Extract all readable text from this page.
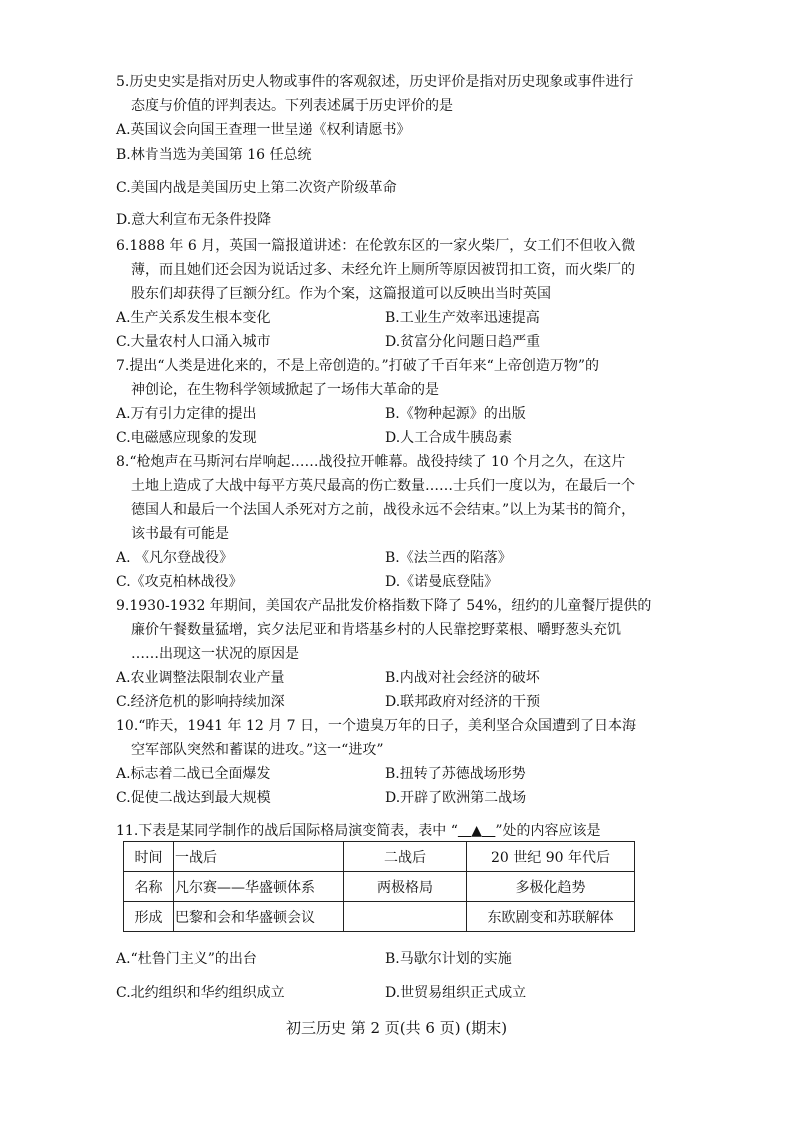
5.历史史实是指对历史人物或事件的客观叙述，历史评价是指对历史现象或事件进行
态度与价值的评判表达。下列表述属于历史评价的是
A.英国议会向国王查理一世呈递《权利请愿书》
B.林肯当选为美国第 16 任总统
C.美国内战是美国历史上第二次资产阶级革命
D.意大利宣布无条件投降
6.1888 年 6 月，英国一篇报道讲述：在伦敦东区的一家火柴厂，女工们不但收入微
薄，而且她们还会因为说话过多、未经允许上厕所等原因被罚扣工资，而火柴厂的
股东们却获得了巨额分红。作为个案，这篇报道可以反映出当时英国
A.生产关系发生根本变化	B.工业生产效率迅速提高
C.大量农村人口涌入城市	D.贫富分化问题日趋严重
7.提出“人类是进化来的，不是上帝创造的。”打破了千百年来“上帝创造万物”的
神创论，在生物科学领域掀起了一场伟大革命的是
A.万有引力定律的提出	B.《物种起源》的出版
C.电磁感应现象的发现	D.人工合成牛胰岛素
8.“枪炮声在马斯河右岸响起……战役拉开帷幕。战役持续了 10 个月之久，在这片
土地上造成了大战中每平方英尺最高的伤亡数量……士兵们一度以为，在最后一个
德国人和最后一个法国人杀死对方之前，战役永远不会结束。”以上为某书的简介，
该书最有可能是
A. 《凡尔登战役》	B.《法兰西的陷落》
C.《攻克柏林战役》	D.《诺曼底登陆》
9.1930-1932 年期间，美国农产品批发价格指数下降了 54%，纽约的儿童餐厅提供的
廉价午餐数量猛增，宾夕法尼亚和肯塔基乡村的人民靠挖野菜根、嚼野葱头充饥
……出现这一状况的原因是
A.农业调整法限制农业产量	B.内战对社会经济的破坏
C.经济危机的影响持续加深	D.联邦政府对经济的干预
10.“昨天，1941 年 12 月 7 日，一个遗臭万年的日子，美利坚合众国遭到了日本海
空军部队突然和蓄谋的进攻。”这一“进攻”
A.标志着二战已全面爆发	B.扭转了苏德战场形势
C.促使二战达到最大规模	D.开辟了欧洲第二战场
11.下表是某同学制作的战后国际格局演变简表，表中 “ ▲ ”处的内容应该是
时间	一战后	二战后	20 世纪 90 年代后
名称	凡尔赛——华盛顿体系	两极格局	多极化趋势
形成	巴黎和会和华盛顿会议		东欧剧变和苏联解体
A.“杜鲁门主义”的出台	B.马歇尔计划的实施
C.北约组织和华约组织成立	D.世贸易组织正式成立
初三历史 第 2 页(共 6 页) (期末)
